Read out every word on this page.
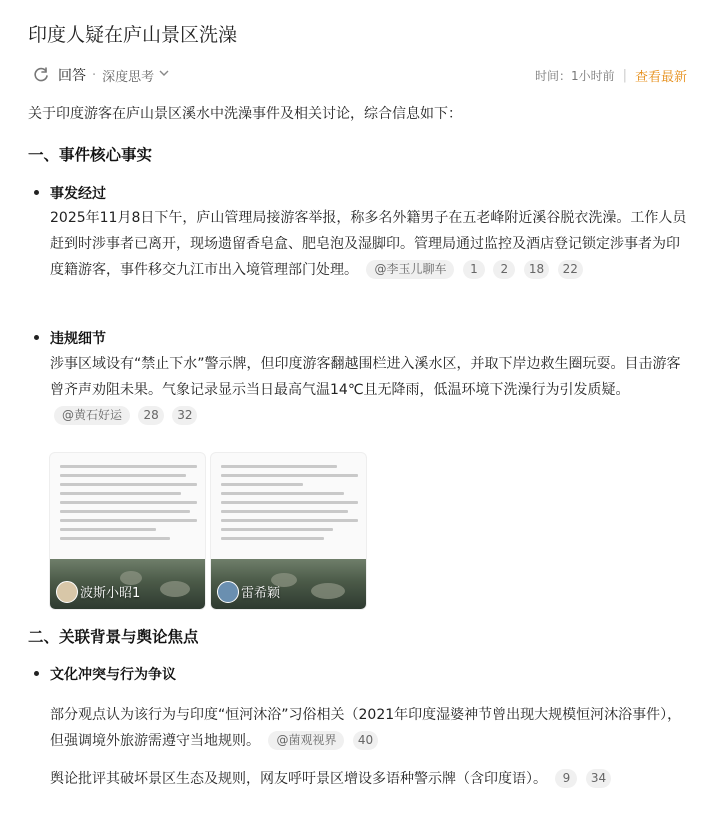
印度人疑在庐山景区洗澡
回答 · 深度思考	时间：1小时前 | 查看最新
关于印度游客在庐山景区溪水中洗澡事件及相关讨论，综合信息如下：
一、事件核心事实
事发经过
2025年11月8日下午，庐山管理局接游客举报，称多名外籍男子在五老峰附近溪谷脱衣洗澡。工作人员赶到时涉事者已离开，现场遗留香皂盒、肥皂泡及湿脚印。管理局通过监控及酒店登记锁定涉事者为印度籍游客，事件移交九江市出入境管理部门处理。 @李玉儿聊车 1 2 18 22
违规细节
涉事区域设有“禁止下水”警示牌，但印度游客翻越围栏进入溪水区，并取下岸边救生圈玩耍。目击游客曾齐声劝阻未果。气象记录显示当日最高气温14℃且无降雨，低温环境下洗澡行为引发质疑。 @黄石好运 28 32
波斯小昭1	雷希颖
二、关联背景与舆论焦点
文化冲突与行为争议
部分观点认为该行为与印度“恒河沐浴”习俗相关（2021年印度湿婆神节曾出现大规模恒河沐浴事件），但强调境外旅游需遵守当地规则。 @菌观视界 40
舆论批评其破坏景区生态及规则，网友呼吁景区增设多语种警示牌（含印度语）。 9 34
